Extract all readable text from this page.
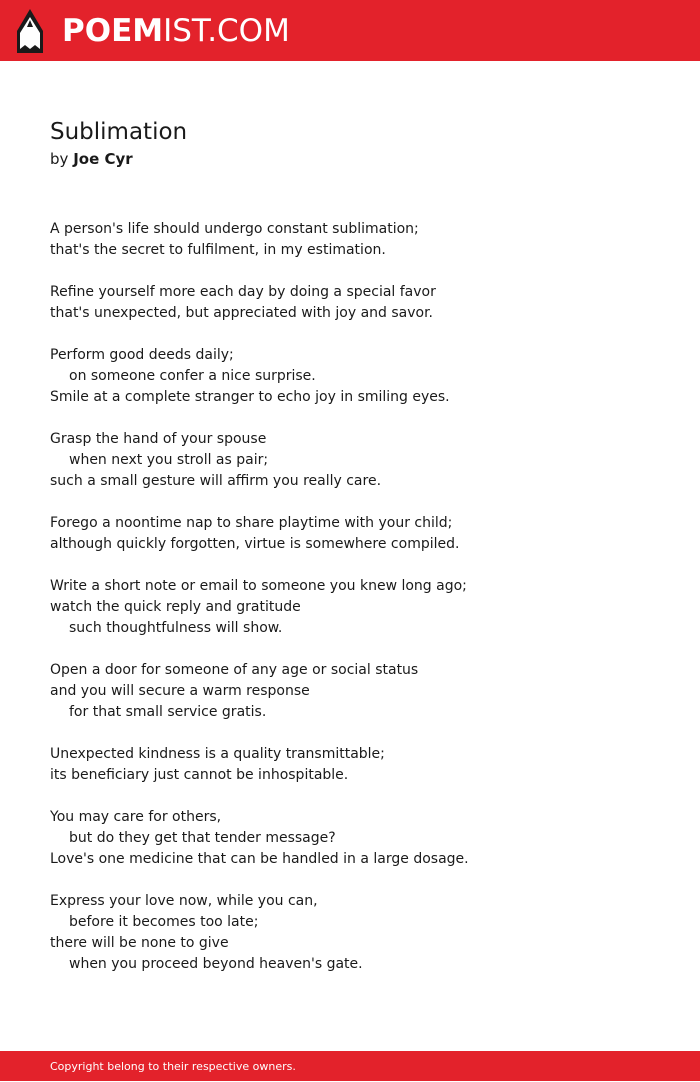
POEMIST.COM
Sublimation
by Joe Cyr
A person's life should undergo constant sublimation;
that's the secret to fulfilment, in my estimation.
Refine yourself more each day by doing a special favor
that's unexpected, but appreciated with joy and savor.
Perform good deeds daily;
on someone confer a nice surprise.
Smile at a complete stranger to echo joy in smiling eyes.
Grasp the hand of your spouse
when next you stroll as pair;
such a small gesture will affirm you really care.
Forego a noontime nap to share playtime with your child;
although quickly forgotten, virtue is somewhere compiled.
Write a short note or email to someone you knew long ago;
watch the quick reply and gratitude
such thoughtfulness will show.
Open a door for someone of any age or social status
and you will secure a warm response
for that small service gratis.
Unexpected kindness is a quality transmittable;
its beneficiary just cannot be inhospitable.
You may care for others,
but do they get that tender message?
Love's one medicine that can be handled in a large dosage.
Express your love now, while you can,
before it becomes too late;
there will be none to give
when you proceed beyond heaven's gate.
Copyright belong to their respective owners.
